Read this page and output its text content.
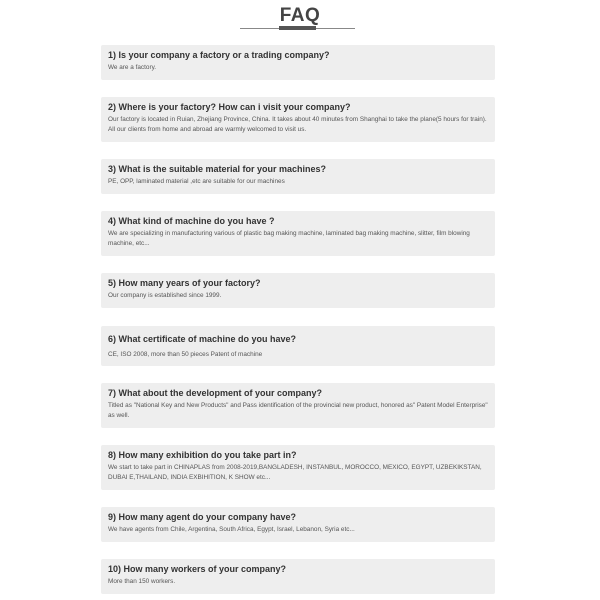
FAQ
1) Is your company a factory or a trading company?
We are a factory.
2) Where is your factory? How can i visit your company?
Our factory is located in Ruian, Zhejiang Province, China. It takes about 40 minutes from Shanghai to take the plane(5 hours for train). All our clients from home and abroad are warmly welcomed to visit us.
3) What is the suitable material for your machines?
PE, OPP, laminated material ,etc are suitable for our machines
4) What kind of machine do you have ?
We are specializing in manufacturing various of plastic bag making machine, laminated bag making machine, slitter, film blowing machine, etc...
5) How many years of your factory?
Our company is established since 1999.
6) What certificate of machine do you have?
CE, ISO 2008, more than 50 pieces Patent of machine
7) What about the development of your company?
Titled as "National Key and New Products" and Pass identification of the provincial new product, honored as" Patent Model Enterprise" as well.
8) How many exhibition do you take part in?
We start to take part in CHINAPLAS from 2008-2019,BANGLADESH, INSTANBUL, MOROCCO, MEXICO, EGYPT, UZBEKIKSTAN, DUBAI E,THAILAND, INDIA EXBIHITION, K SHOW etc...
9) How many agent do your company have?
We have agents from Chile, Argentina, South Africa, Egypt, Israel, Lebanon, Syria etc...
10) How many workers of your company?
More than 150 workers.
